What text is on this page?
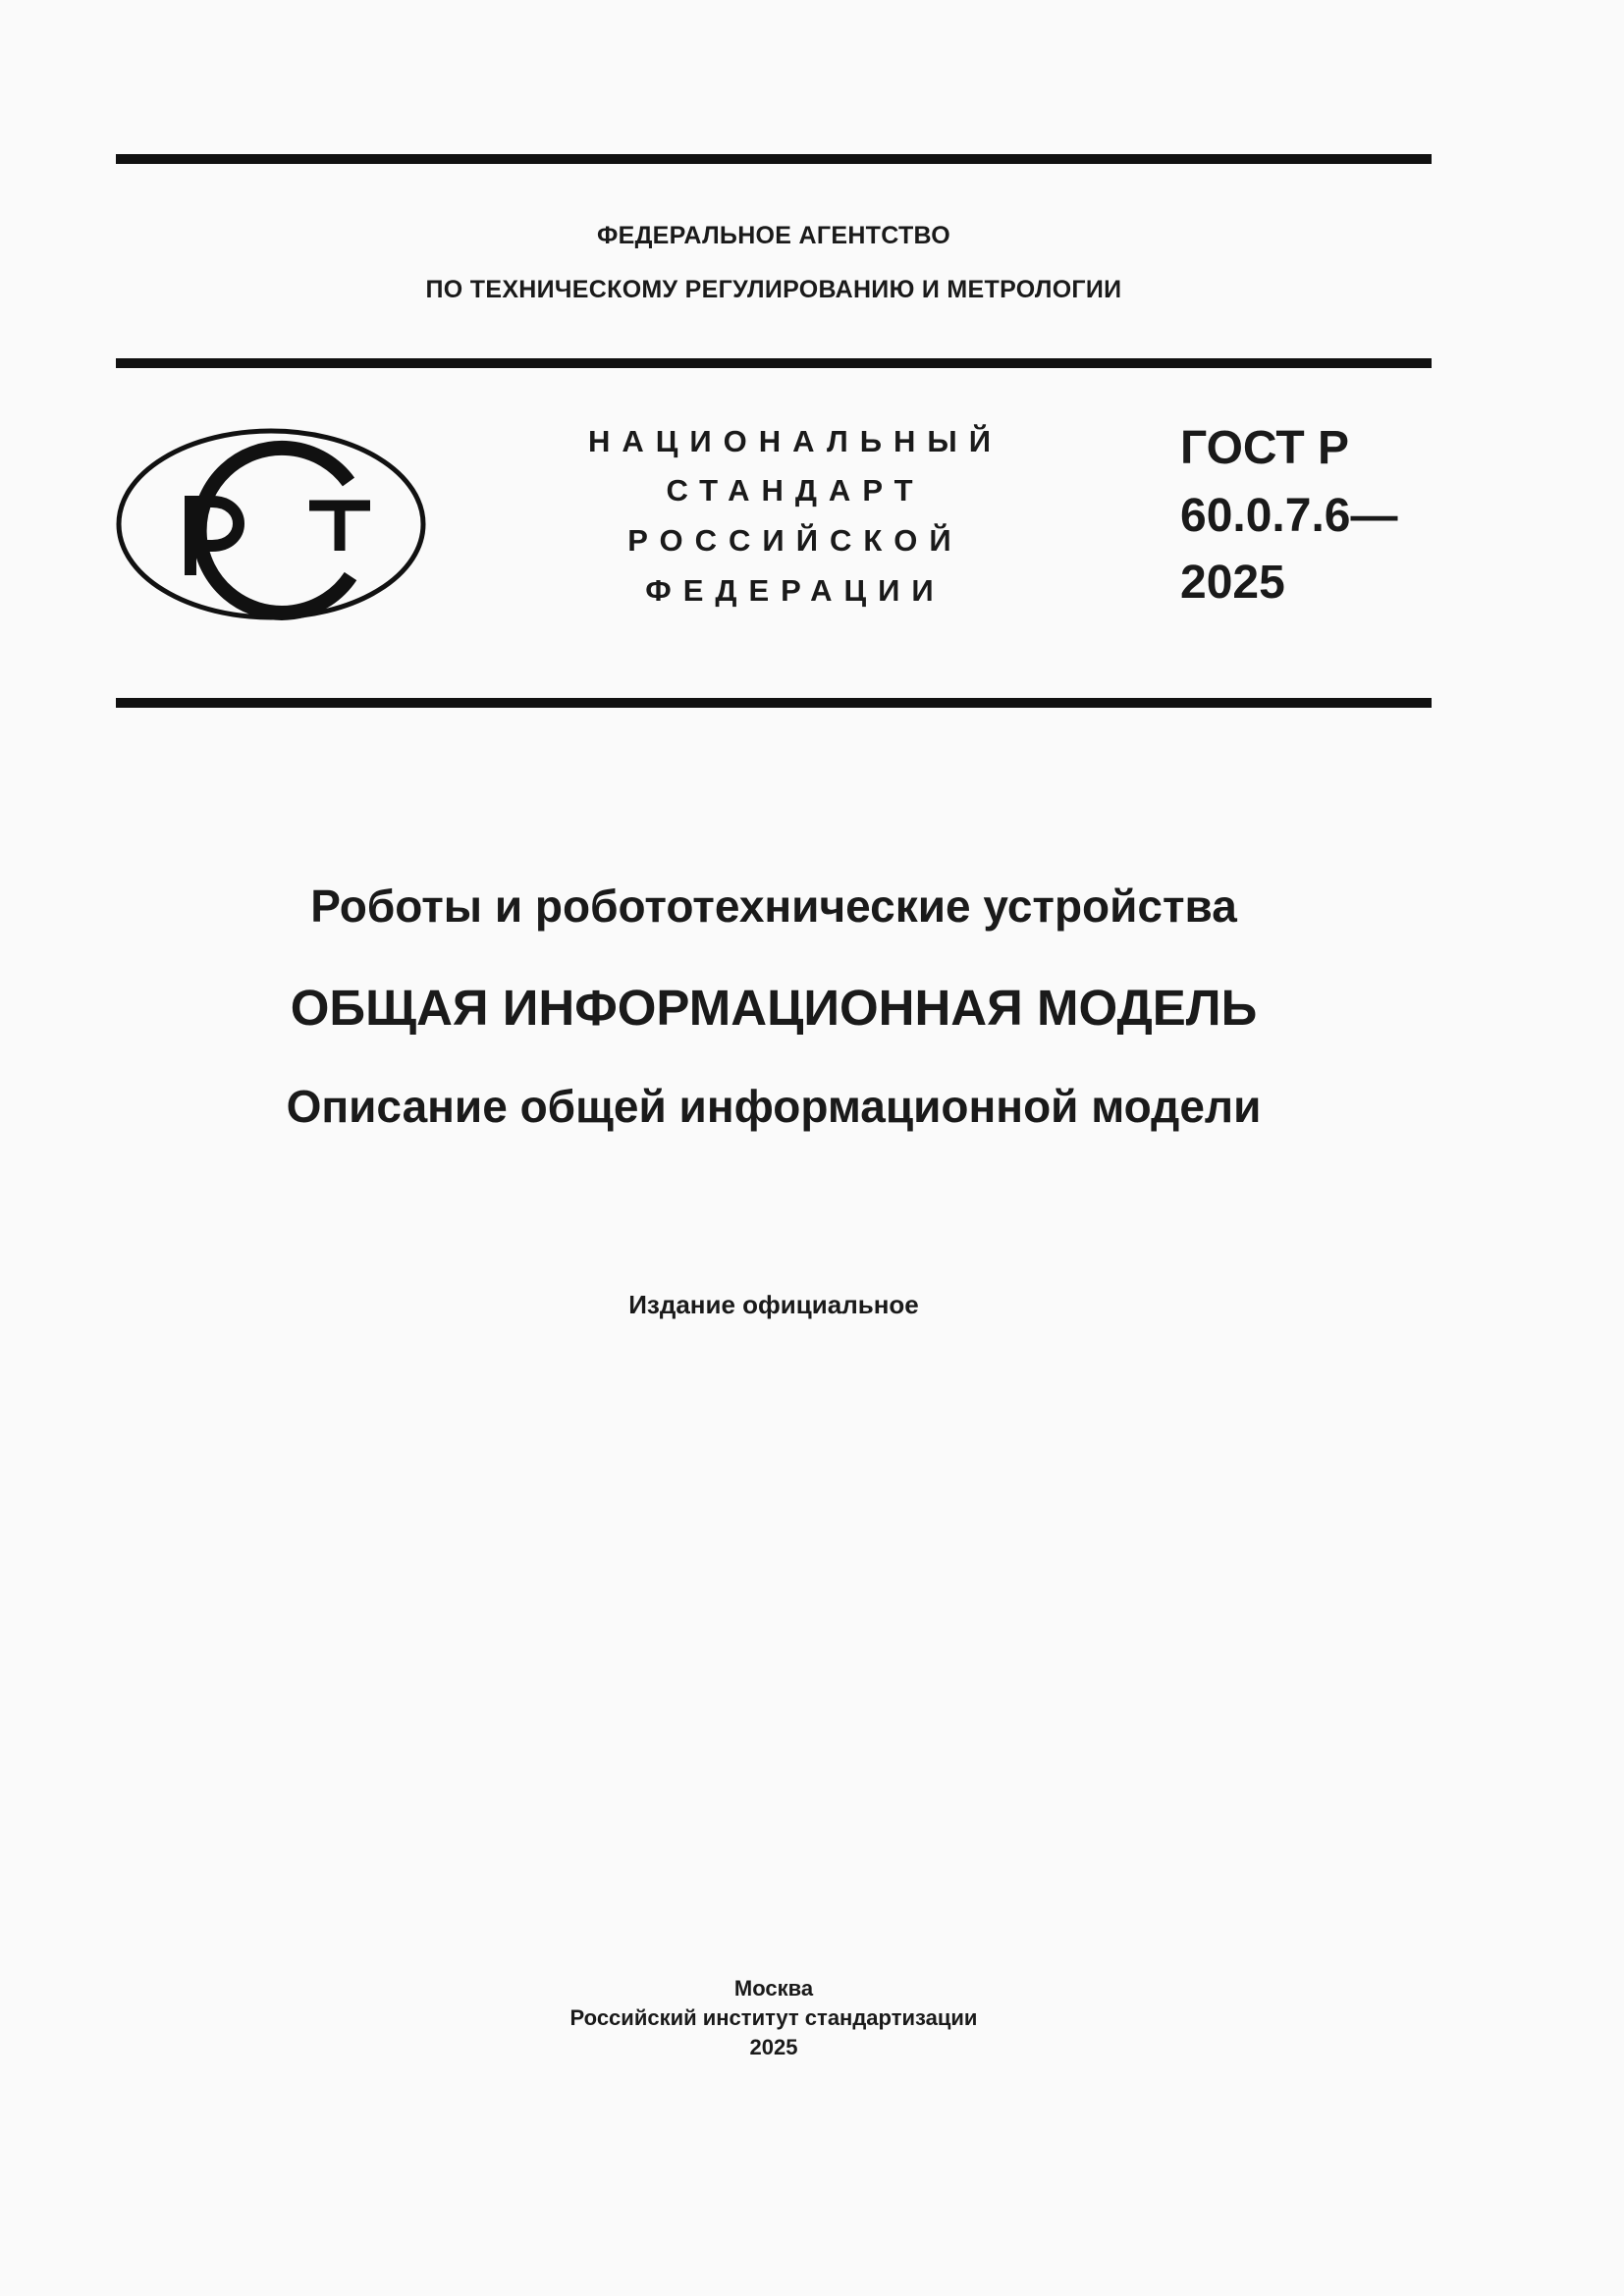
ФЕДЕРАЛЬНОЕ АГЕНТСТВО
ПО ТЕХНИЧЕСКОМУ РЕГУЛИРОВАНИЮ И МЕТРОЛОГИИ
НАЦИОНАЛЬНЫЙ
СТАНДАРТ
РОССИЙСКОЙ
ФЕДЕРАЦИИ
ГОСТ Р
60.0.7.6—
2025
Роботы и робототехнические устройства
ОБЩАЯ ИНФОРМАЦИОННАЯ МОДЕЛЬ
Описание общей информационной модели
Издание официальное
Москва
Российский институт стандартизации
2025
